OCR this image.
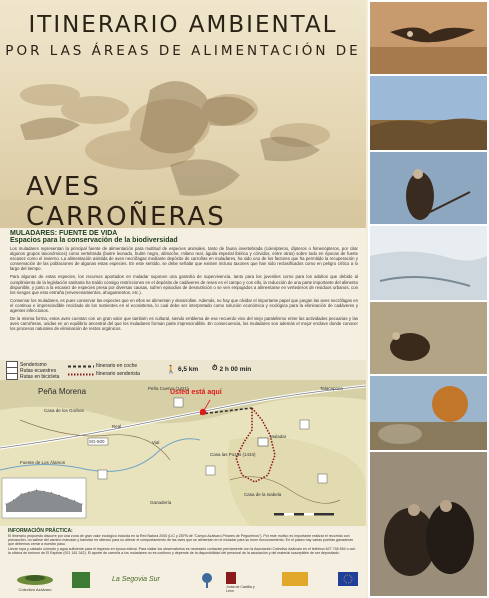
ITINERARIO AMBIENTAL
POR LAS ÁREAS DE ALIMENTACIÓN DE
AVES CARROÑERAS
MULADARES: FUENTE DE VIDA
Espacios para la conservación de la biodiversidad

Los muladares representan la principal fuente de alimentación para multitud de especies animales, tanto de fauna invertebrada (coleópteros, dípteros o himenópteros, por citar algunos grupos taxonómicos) como vertebrada (buitre leonado, buitre negro, alimoche, milano real, águila imperial ibérica y córvidos, entre otras) sobre todo en épocas de fuerte escasez como el invierno. La alimentación asistida de aves necrófagas mediante depósito de carroñas en muladares, ha sido uno de los factores que ha permitido la recuperación y conservación de las poblaciones de algunas estas especies. En este sentido, se debe señalar que existen incluso taxones que han sido reclasificados como en peligro crítico a lo largo del tiempo.

Para algunas de estas especies, los recursos aportados en muladar suponen una garantía de supervivencia, tanto para los juveniles como para los adultos que debido al cumplimiento de la legislación sanitaria ha traído consigo restricciones en el depósito de cadáveres de reses en el campo y con ello, la reducción de una parte importante del alimento disponible, y junto a la escasez de especies presa por diversas causas, sufren episodios de desnutrición o se ven empujados a alimentarse en vertederos de residuos urbanos, con los riesgos que esto entraña (envenenamientos, ahogamientos, etc.).

Conservar los muladares, es pues conservar las especies que en ellos se alimentan y desarrollan. Además, no hay que olvidar el importante papel que juegan las aves necrófagas en el continuo e imprescindible reciclado de los nutrientes en el ecosistema, lo cual debe ser interpretado como solución económica y ecológica para la eliminación de cadáveres y agentes infecciosos.

De la misma forma, estos aves cuentan con un gran valor que también es cultural, siendo emblema de ese recuerdo vivo del viejo paralelismo entre las actividades pecuarias y las aves carroñeras, unidas en un equilibrio ancestral del que los muladares forman parte imprescindible. En consecuencia, los muladares son además el mejor enclave donde conocer los procesos naturales de eliminación de restos orgánicos.

Senderismo
Rutas ecuestres
Rutas en bicicleta
Itinerario en coche
Itinerario senderista	🚶 6,5 km ⏱ 2 h 00 min
Peña Morena	Usted está aquí
Peña Cuervo (1421)
Casa de los Gorbos
Muladar
Casa las Pozas (1434)
Fuente de Los Álamos
Casa de la Isabela
Ganadería
SG-500
Real
Vial
Talacapoca
INFORMACIÓN PRÁCTICA:

El itinerario propuesto discurre por una zona de gran valor ecológico incluida en la Red Natura 2000 (LIC y ZEPA de "Campo Azálvaro-Pinares de Peguerinos"). Por este motivo es importante realizar el recorrido con precaución, no salirse del camino marcado y transitar en silencio para no alterar el comportamiento de las aves que se alimentan en el muladar para su buen funcionamiento. En el paseo hay varias puertas ganaderas que debemos cerrar a nuestro paso.

Llevar ropa y calzado cómodo y agua suficiente para el trayecto en época estival. Para visitar los observatorios es necesario contactar previamente con la Asociación Colectivo Azálvaro en el teléfono 627 746 694 o con la oficina de turismo de El Espinar (921 181 342). El aporte de carroña a los muladares no es continuo y depende de la disponibilidad del personal de la asociación y del material susceptible de ser depositado.

Colectivo Azálvaro
La Segovia Sur
Junta de Castilla y León
